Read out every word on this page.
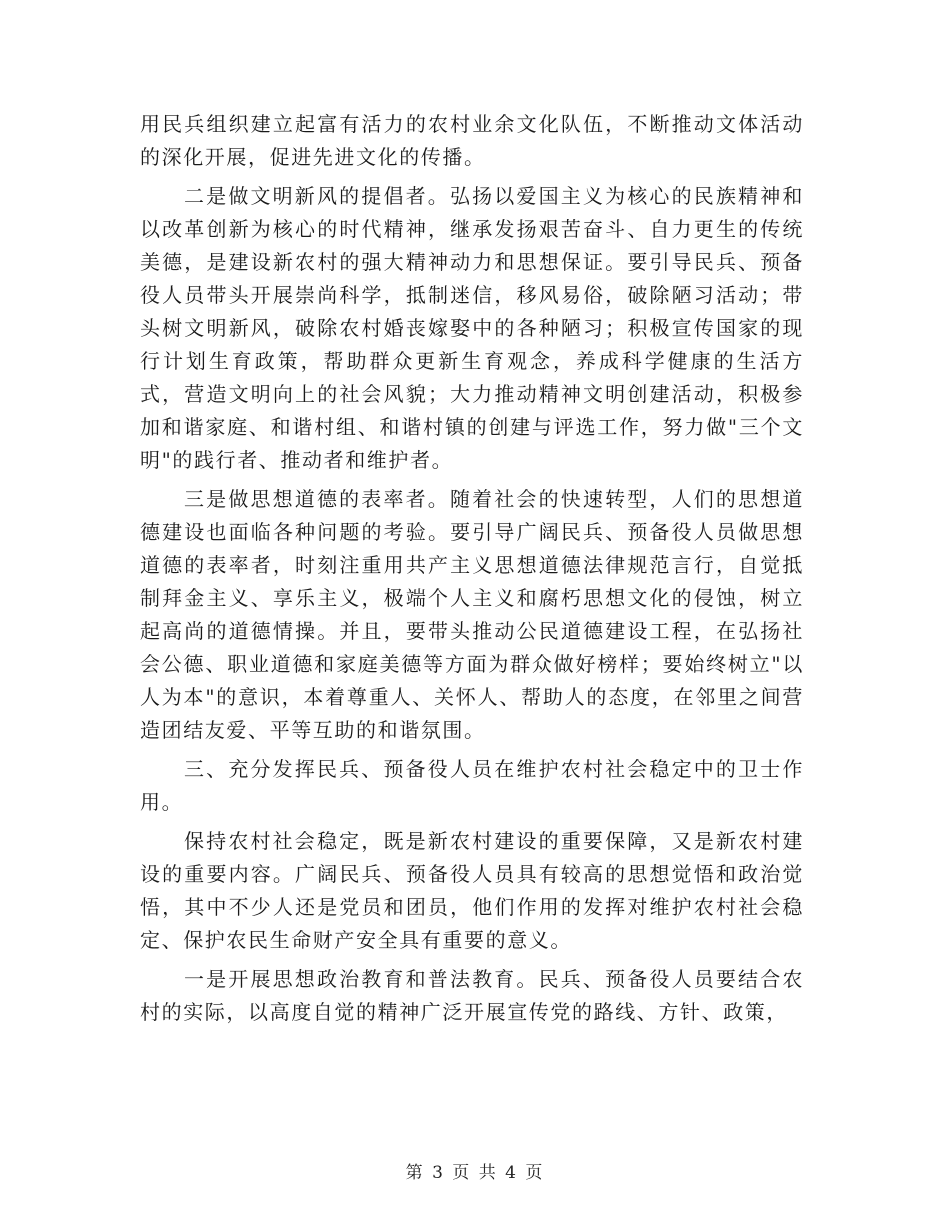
用民兵组织建立起富有活力的农村业余文化队伍，不断推动文体活动的深化开展，促进先进文化的传播。

二是做文明新风的提倡者。弘扬以爱国主义为核心的民族精神和以改革创新为核心的时代精神，继承发扬艰苦奋斗、自力更生的传统美德，是建设新农村的强大精神动力和思想保证。要引导民兵、预备役人员带头开展崇尚科学，抵制迷信，移风易俗，破除陋习活动；带头树文明新风，破除农村婚丧嫁娶中的各种陋习；积极宣传国家的现行计划生育政策，帮助群众更新生育观念，养成科学健康的生活方式，营造文明向上的社会风貌；大力推动精神文明创建活动，积极参加和谐家庭、和谐村组、和谐村镇的创建与评选工作，努力做"三个文明"的践行者、推动者和维护者。

三是做思想道德的表率者。随着社会的快速转型，人们的思想道德建设也面临各种问题的考验。要引导广阔民兵、预备役人员做思想道德的表率者，时刻注重用共产主义思想道德法律规范言行，自觉抵制拜金主义、享乐主义，极端个人主义和腐朽思想文化的侵蚀，树立起高尚的道德情操。并且，要带头推动公民道德建设工程，在弘扬社会公德、职业道德和家庭美德等方面为群众做好榜样；要始终树立"以人为本"的意识，本着尊重人、关怀人、帮助人的态度，在邻里之间营造团结友爱、平等互助的和谐氛围。

三、充分发挥民兵、预备役人员在维护农村社会稳定中的卫士作用。

保持农村社会稳定，既是新农村建设的重要保障，又是新农村建设的重要内容。广阔民兵、预备役人员具有较高的思想觉悟和政治觉悟，其中不少人还是党员和团员，他们作用的发挥对维护农村社会稳定、保护农民生命财产安全具有重要的意义。

一是开展思想政治教育和普法教育。民兵、预备役人员要结合农村的实际，以高度自觉的精神广泛开展宣传党的路线、方针、政策，

第 3 页 共 4 页
